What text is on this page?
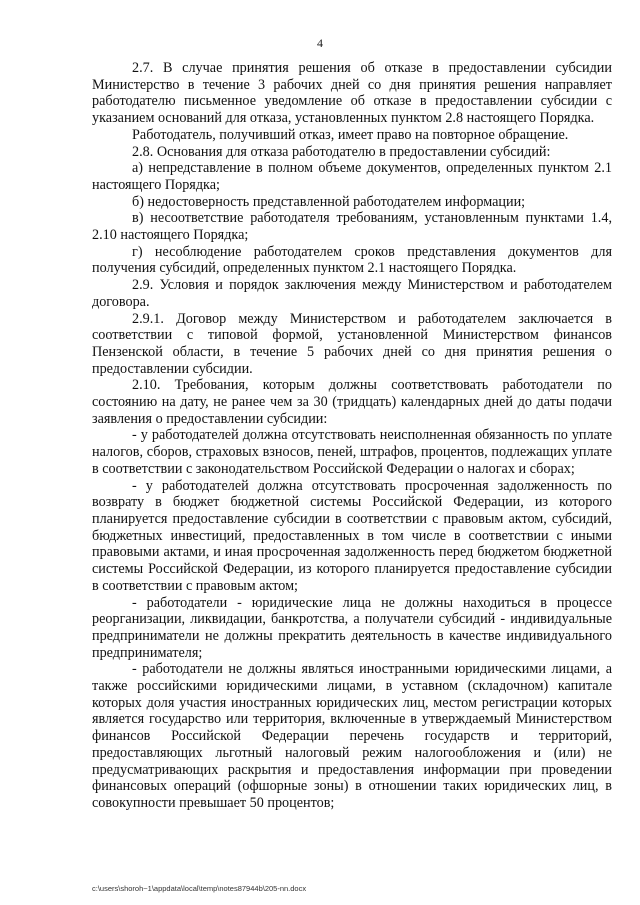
4

2.7. В случае принятия решения об отказе в предоставлении субсидии Министерство в течение 3 рабочих дней со дня принятия решения направляет работодателю письменное уведомление об отказе в предоставлении субсидии с указанием оснований для отказа, установленных пунктом 2.8 настоящего Порядка.

Работодатель, получивший отказ, имеет право на повторное обращение.

2.8. Основания для отказа работодателю в предоставлении субсидий:

а) непредставление в полном объеме документов, определенных пунктом 2.1 настоящего Порядка;

б) недостоверность представленной работодателем информации;

в) несоответствие работодателя требованиям, установленным пунктами 1.4, 2.10 настоящего Порядка;

г) несоблюдение работодателем сроков представления документов для получения субсидий, определенных пунктом 2.1 настоящего Порядка.

2.9. Условия и порядок заключения между Министерством и работодателем договора.

2.9.1. Договор между Министерством и работодателем заключается в соответствии с типовой формой, установленной Министерством финансов Пензенской области, в течение 5 рабочих дней со дня принятия решения о предоставлении субсидии.

2.10. Требования, которым должны соответствовать работодатели по состоянию на дату, не ранее чем за 30 (тридцать) календарных дней до даты подачи заявления о предоставлении субсидии:

- у работодателей должна отсутствовать неисполненная обязанность по уплате налогов, сборов, страховых взносов, пеней, штрафов, процентов, подлежащих уплате в соответствии с законодательством Российской Федерации о налогах и сборах;

- у работодателей должна отсутствовать просроченная задолженность по возврату в бюджет бюджетной системы Российской Федерации, из которого планируется предоставление субсидии в соответствии с правовым актом, субсидий, бюджетных инвестиций, предоставленных в том числе в соответствии с иными правовыми актами, и иная просроченная задолженность перед бюджетом бюджетной системы Российской Федерации, из которого планируется предоставление субсидии в соответствии с правовым актом;

- работодатели - юридические лица не должны находиться в процессе реорганизации, ликвидации, банкротства, а получатели субсидий - индивидуальные предприниматели не должны прекратить деятельность в качестве индивидуального предпринимателя;

- работодатели не должны являться иностранными юридическими лицами, а также российскими юридическими лицами, в уставном (складочном) капитале которых доля участия иностранных юридических лиц, местом регистрации которых является государство или территория, включенные в утверждаемый Министерством финансов Российской Федерации перечень государств и территорий, предоставляющих льготный налоговый режим налогообложения и (или) не предусматривающих раскрытия и предоставления информации при проведении финансовых операций (офшорные зоны) в отношении таких юридических лиц, в совокупности превышает 50 процентов;

c:\users\shoroh~1\appdata\local\temp\notes87944b\205-nn.docx
